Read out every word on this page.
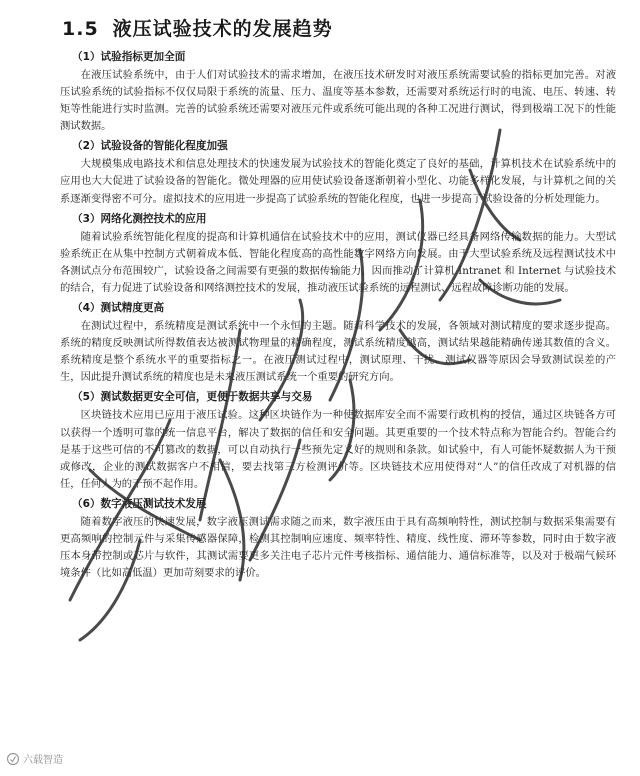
1.5 液压试验技术的发展趋势
（1）试验指标更加全面

在液压试验系统中，由于人们对试验技术的需求增加，在液压技术研发时对液压系统需要试验的指标更加完善。对液压试验系统的试验指标不仅仅局限于系统的流量、压力、温度等基本参数，还需要对系统运行时的电流、电压、转速、转矩等性能进行实时监测。完善的试验系统还需要对液压元件或系统可能出现的各种工况进行测试，得到极端工况下的性能测试数据。

（2）试验设备的智能化程度加强

大规模集成电路技术和信息处理技术的快速发展为试验技术的智能化奠定了良好的基础，计算机技术在试验系统中的应用也大大促进了试验设备的智能化。微处理器的应用使试验设备逐渐朝着小型化、功能多样化发展，与计算机之间的关系逐渐变得密不可分。虚拟技术的应用进一步提高了试验系统的智能化程度，也进一步提高了试验设备的分析处理能力。

（3）网络化测控技术的应用

随着试验系统智能化程度的提高和计算机通信在试验技术中的应用，测试仪器已经具备网络传输数据的能力。大型试验系统正在从集中控制方式朝着成本低、智能化程度高的高性能数字网络方向发展。由于大型试验系统及远程测试技术中各测试点分布范围较广，试验设备之间需要有更强的数据传输能力，因而推动了计算机 Intranet 和 Internet 与试验技术的结合，有力促进了试验设备和网络测控技术的发展，推动液压试验系统的远程测试、远程故障诊断功能的发展。

（4）测试精度更高

在测试过程中，系统精度是测试系统中一个永恒的主题。随着科学技术的发展，各领域对测试精度的要求逐步提高。系统的精度反映测试所得数值表达被测试物理量的精确程度，测试系统精度越高，测试结果越能精确传递其数值的含义。系统精度是整个系统水平的重要指标之一。在液压测试过程中，测试原理、干扰、测试仪器等原因会导致测试误差的产生，因此提升测试系统的精度也是未来液压测试系统一个重要的研究方向。

（5）测试数据更安全可信，更便于数据共享与交易

区块链技术应用已应用于液压试验。这种区块链作为一种使数据库安全而不需要行政机构的授信，通过区块链各方可以获得一个透明可靠的统一信息平台，解决了数据的信任和安全问题。其更重要的一个技术特点称为智能合约。智能合约是基于这些可信的不可篡改的数据，可以自动执行一些预先定义好的规则和条款。如试验中，有人可能怀疑数据人为干预或修改，企业的测试数据客户不相信，要去找第三方检测评价等。区块链技术应用使得对“人”的信任改成了对机器的信任，任何人为的干预不起作用。

（6）数字液压测试技术发展

随着数字液压的快速发展，数字液压测试需求随之而来，数字液压由于具有高频响特性，测试控制与数据采集需要有更高频响的控制元件与采集传感器保障，检测其控制响应速度、频率特性、精度、线性度、滞环等参数，同时由于数字液压本身带控制或芯片与软件，其测试需要更多关注电子芯片元件考核指标、通信能力、通信标准等，以及对于极端气候环境条件（比如高低温）更加苛刻要求的评价。

六载智造
